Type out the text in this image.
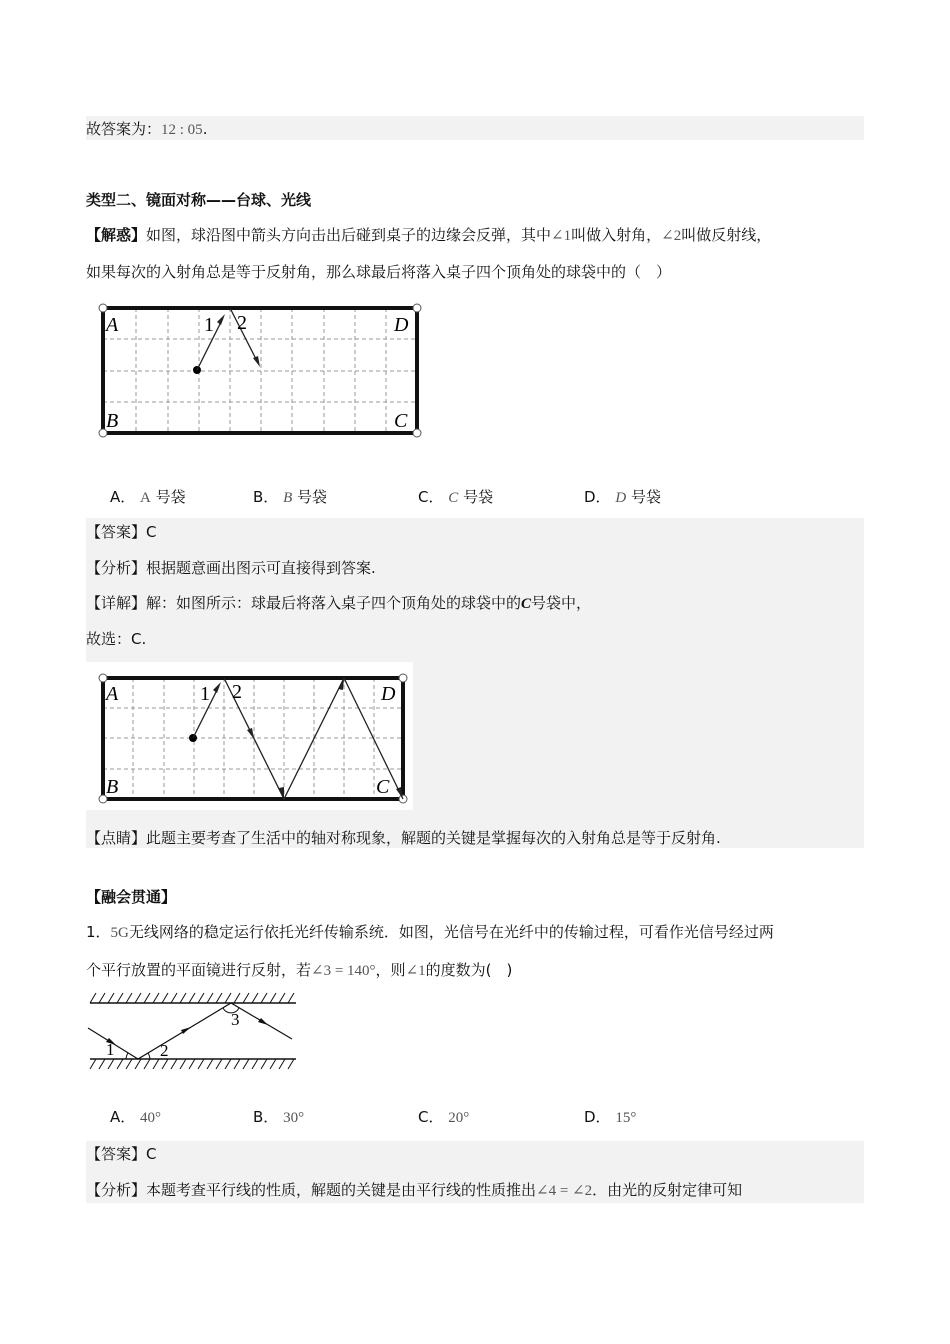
故答案为：12 : 05.
类型二、镜面对称——台球、光线
【解惑】如图，球沿图中箭头方向击出后碰到桌子的边缘会反弹，其中∠1叫做入射角，∠2叫做反射线，
如果每次的入射角总是等于反射角，那么球最后将落入桌子四个顶角处的球袋中的（　）
A	D
B	C
1 2
A． A 号袋	B． B 号袋	C． C 号袋	D． D 号袋
【答案】C
【分析】根据题意画出图示可直接得到答案.
【详解】解：如图所示：球最后将落入桌子四个顶角处的球袋中的C号袋中，
故选：C.
A	D
B	C
1 2
【点睛】此题主要考查了生活中的轴对称现象，解题的关键是掌握每次的入射角总是等于反射角.
【融会贯通】
1．5G无线网络的稳定运行依托光纤传输系统．如图，光信号在光纤中的传输过程，可看作光信号经过两
个平行放置的平面镜进行反射，若∠3 = 140°，则∠1的度数为(　)
1	2
3
A． 40°	B． 30°	C． 20°	D． 15°
【答案】C
【分析】本题考查平行线的性质，解题的关键是由平行线的性质推出∠4 = ∠2．由光的反射定律可知
